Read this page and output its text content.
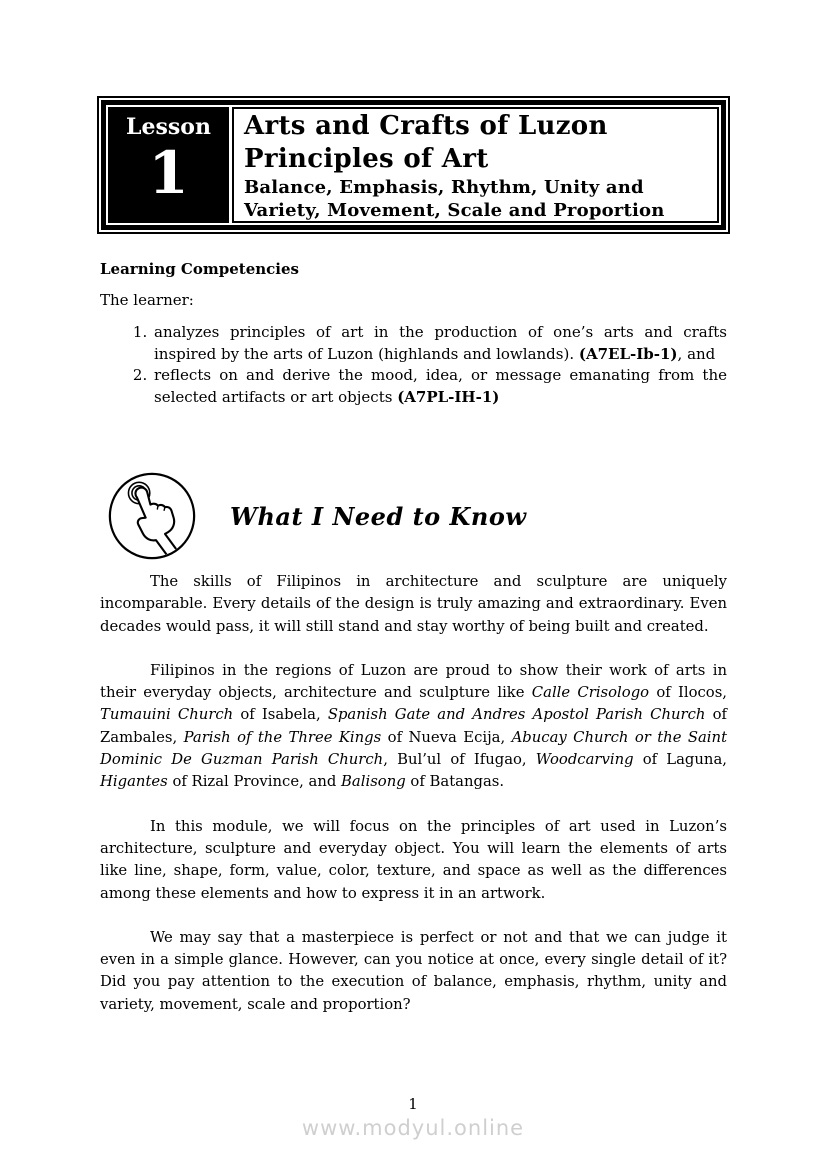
Lesson
1
Arts and Crafts of Luzon
Principles of Art
Balance, Emphasis, Rhythm, Unity and
Variety, Movement, Scale and Proportion
Learning Competencies
The learner:
1. analyzes principles of art in the production of one’s arts and crafts inspired by the arts of Luzon (highlands and lowlands). (A7EL-Ib-1), and
2. reflects on and derive the mood, idea, or message emanating from the selected artifacts or art objects (A7PL-IH-1)
What I Need to Know

The skills of Filipinos in architecture and sculpture are uniquely incomparable. Every details of the design is truly amazing and extraordinary. Even decades would pass, it will still stand and stay worthy of being built and created.

Filipinos in the regions of Luzon are proud to show their work of arts in their everyday objects, architecture and sculpture like Calle Crisologo of Ilocos, Tumauini Church of Isabela, Spanish Gate and Andres Apostol Parish Church of Zambales, Parish of the Three Kings of Nueva Ecija, Abucay Church or the Saint Dominic De Guzman Parish Church, Bul’ul of Ifugao, Woodcarving of Laguna, Higantes of Rizal Province, and Balisong of Batangas.

In this module, we will focus on the principles of art used in Luzon’s architecture, sculpture and everyday object. You will learn the elements of arts like line, shape, form, value, color, texture, and space as well as the differences among these elements and how to express it in an artwork.

We may say that a masterpiece is perfect or not and that we can judge it even in a simple glance. However, can you notice at once, every single detail of it? Did you pay attention to the execution of balance, emphasis, rhythm, unity and variety, movement, scale and proportion?

1
www.modyul.online
